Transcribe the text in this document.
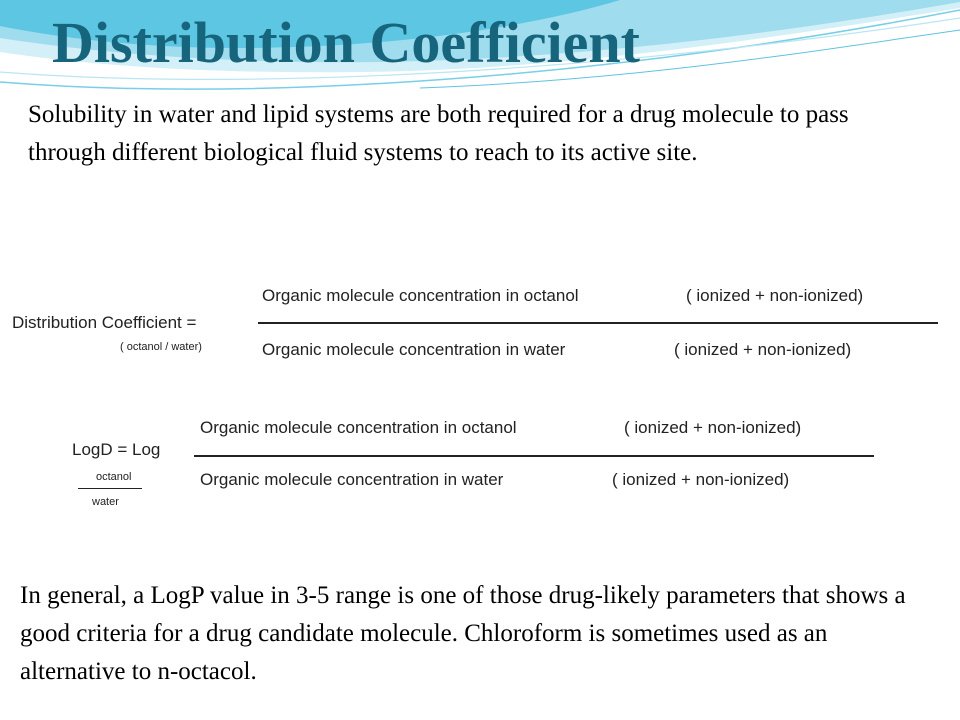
Distribution Coefficient

Solubility in water and lipid systems are both required for a drug molecule to pass through different biological fluid systems to reach to its active site.

Distribution Coefficient =
( octanol / water)
Organic molecule concentration in octanol	( ionized + non-ionized)
Organic molecule concentration in water	( ionized + non-ionized)
LogD = Log
octanol
water
Organic molecule concentration in octanol	( ionized + non-ionized)
Organic molecule concentration in water	( ionized + non-ionized)

In general, a LogP value in 3-5 range is one of those drug-likely parameters that shows a good criteria for a drug candidate molecule. Chloroform is sometimes used as an alternative to n-octacol.
